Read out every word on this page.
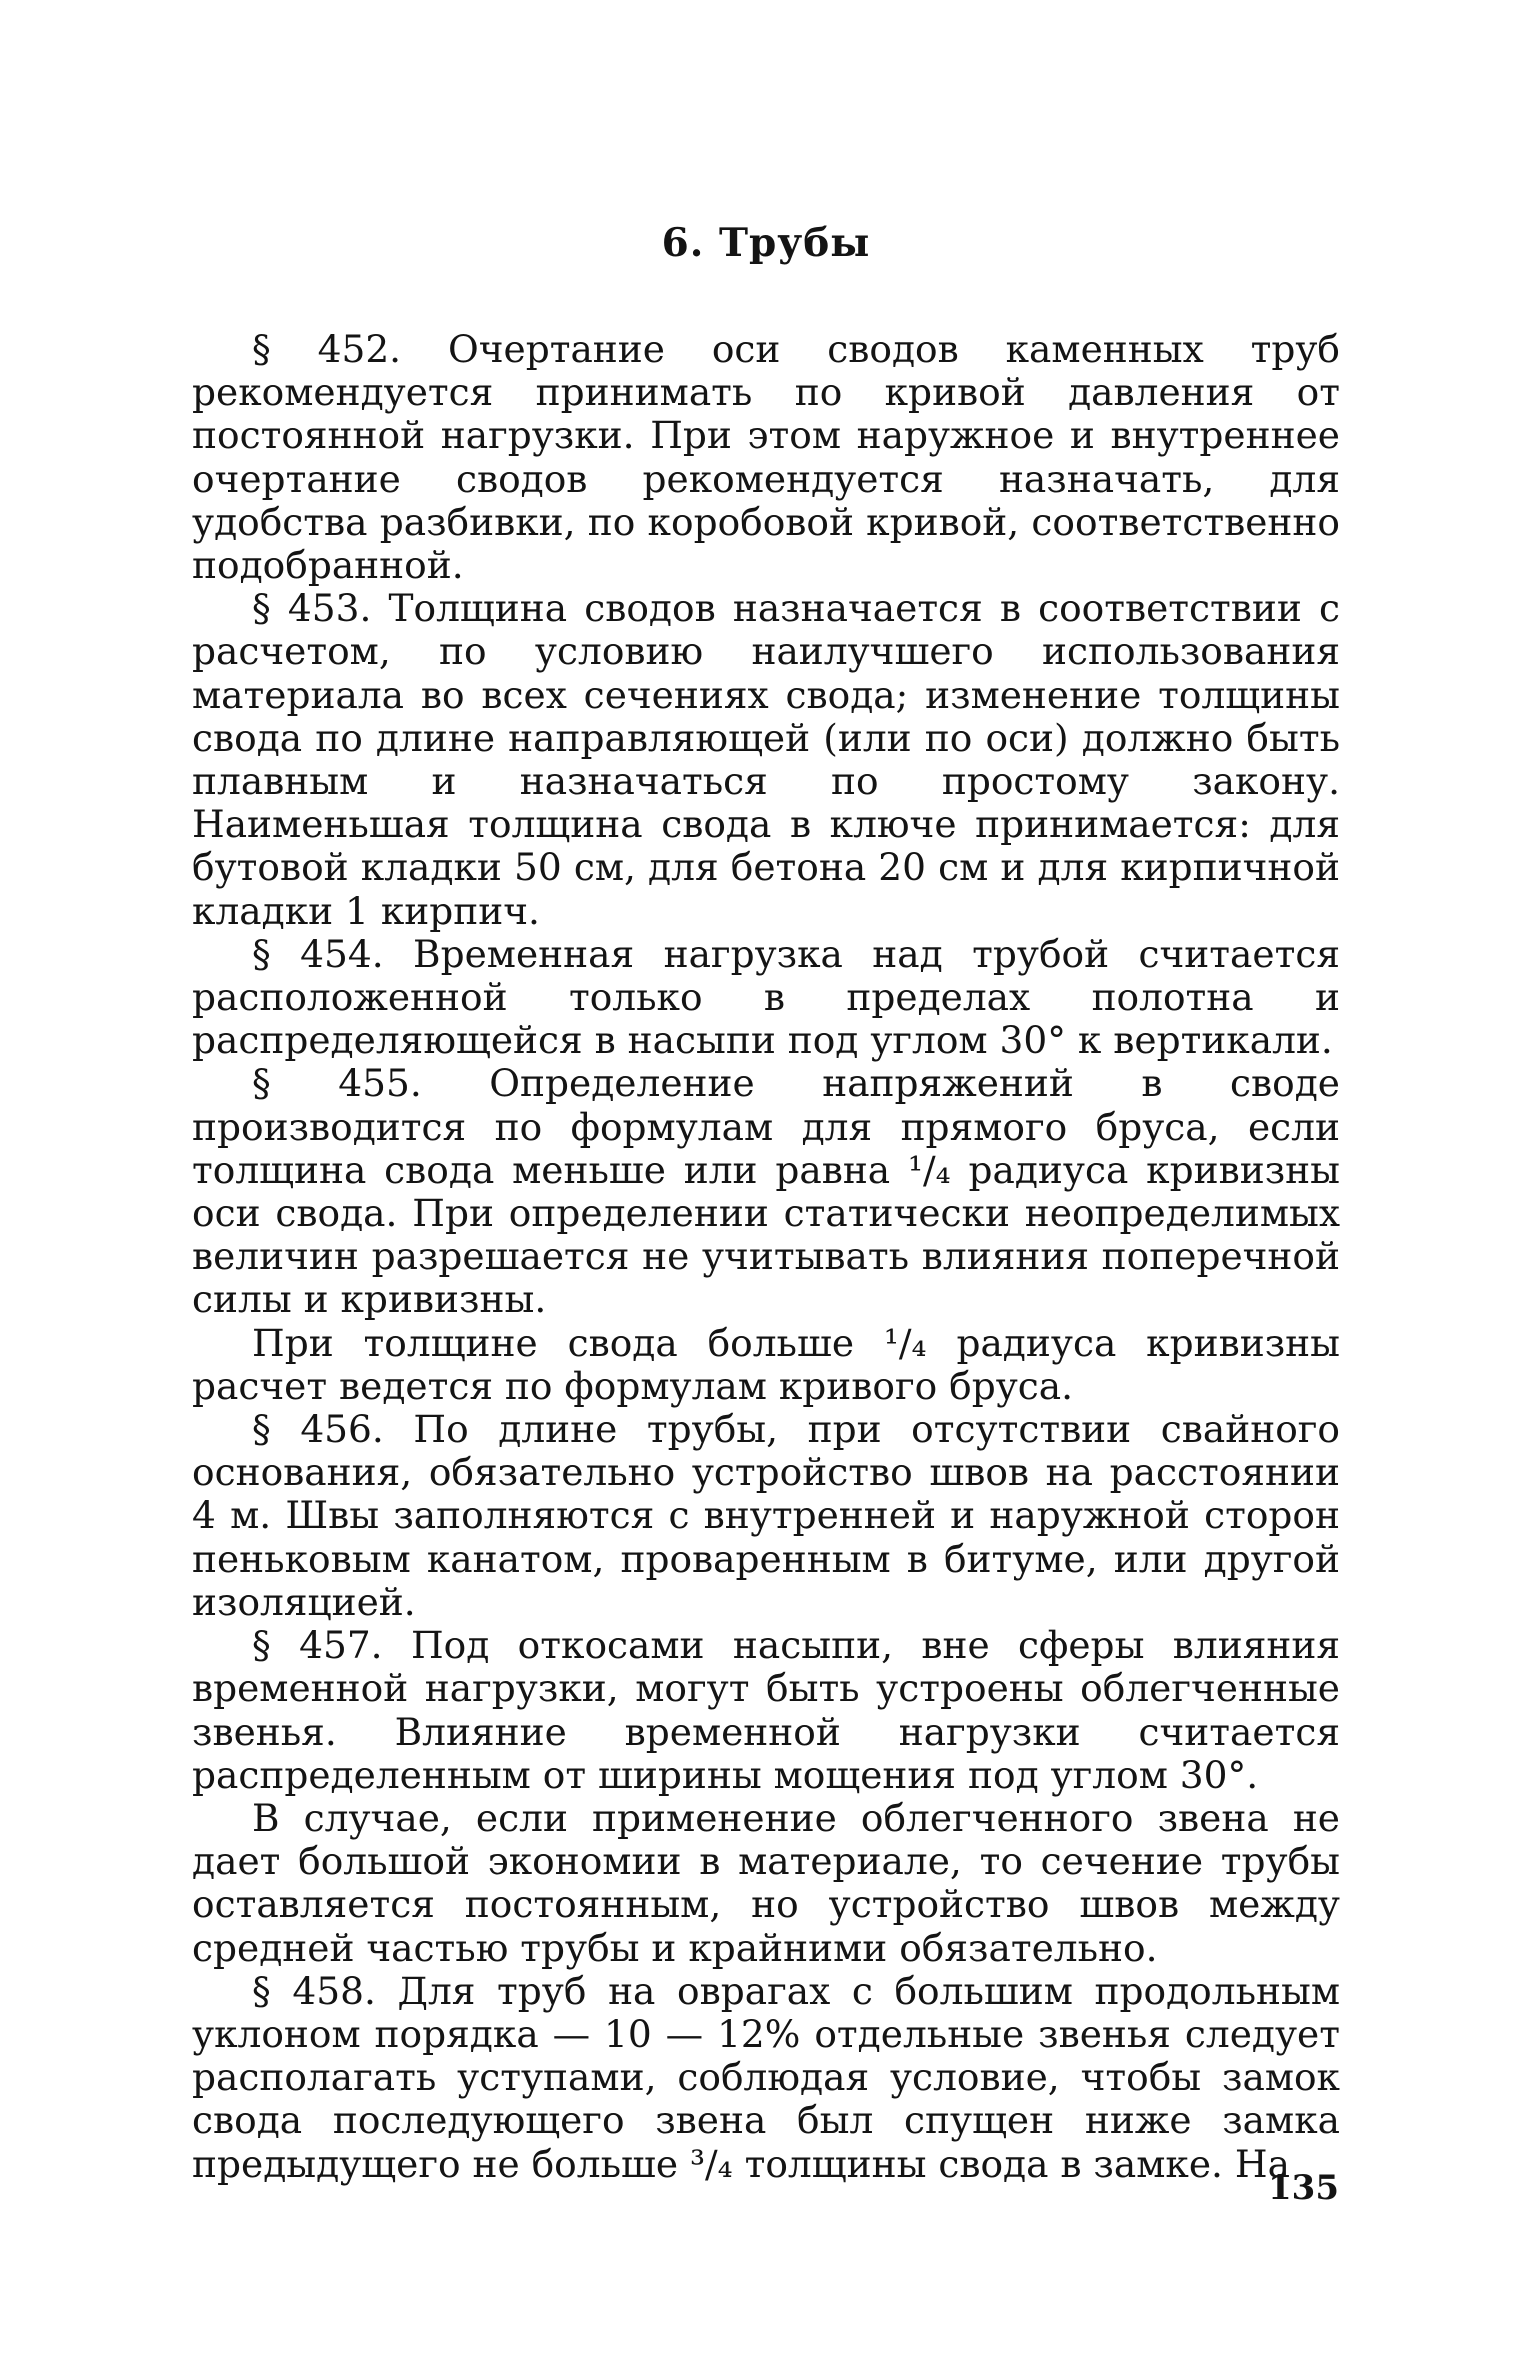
6. Трубы

§ 452. Очертание оси сводов каменных труб рекомендуется принимать по кривой давления от постоянной нагрузки. При этом наружное и внутреннее очертание сводов рекомендуется назначать, для удобства разбивки, по коробовой кривой, соответственно подобранной.

§ 453. Толщина сводов назначается в соответствии с расчетом, по условию наилучшего использования материала во всех сечениях свода; изменение толщины свода по длине направляющей (или по оси) должно быть плавным и назначаться по простому закону. Наименьшая толщина свода в ключе принимается: для бутовой кладки 50 см, для бетона 20 см и для кирпичной кладки 1 кирпич.

§ 454. Временная нагрузка над трубой считается расположенной только в пределах полотна и распределяющейся в насыпи под углом 30° к вертикали.

§ 455. Определение напряжений в своде производится по формулам для прямого бруса, если толщина свода меньше или равна ¹/₄ радиуса кривизны оси свода. При определении статически неопределимых величин разрешается не учитывать влияния поперечной силы и кривизны.

При толщине свода больше ¹/₄ радиуса кривизны расчет ведется по формулам кривого бруса.

§ 456. По длине трубы, при отсутствии свайного основания, обязательно устройство швов на расстоянии 4 м. Швы заполняются с внутренней и наружной сторон пеньковым канатом, проваренным в битуме, или другой изоляцией.

§ 457. Под откосами насыпи, вне сферы влияния временной нагрузки, могут быть устроены облегченные звенья. Влияние временной нагрузки считается распределенным от ширины мощения под углом 30°.

В случае, если применение облегченного звена не дает большой экономии в материале, то сечение трубы оставляется постоянным, но устройство швов между средней частью трубы и крайними обязательно.

§ 458. Для труб на оврагах с большим продольным уклоном порядка — 10 — 12% отдельные звенья следует располагать уступами, соблюдая условие, чтобы замок свода последующего звена был спущен ниже замка предыдущего не больше ³/₄ толщины свода в замке. На

135
